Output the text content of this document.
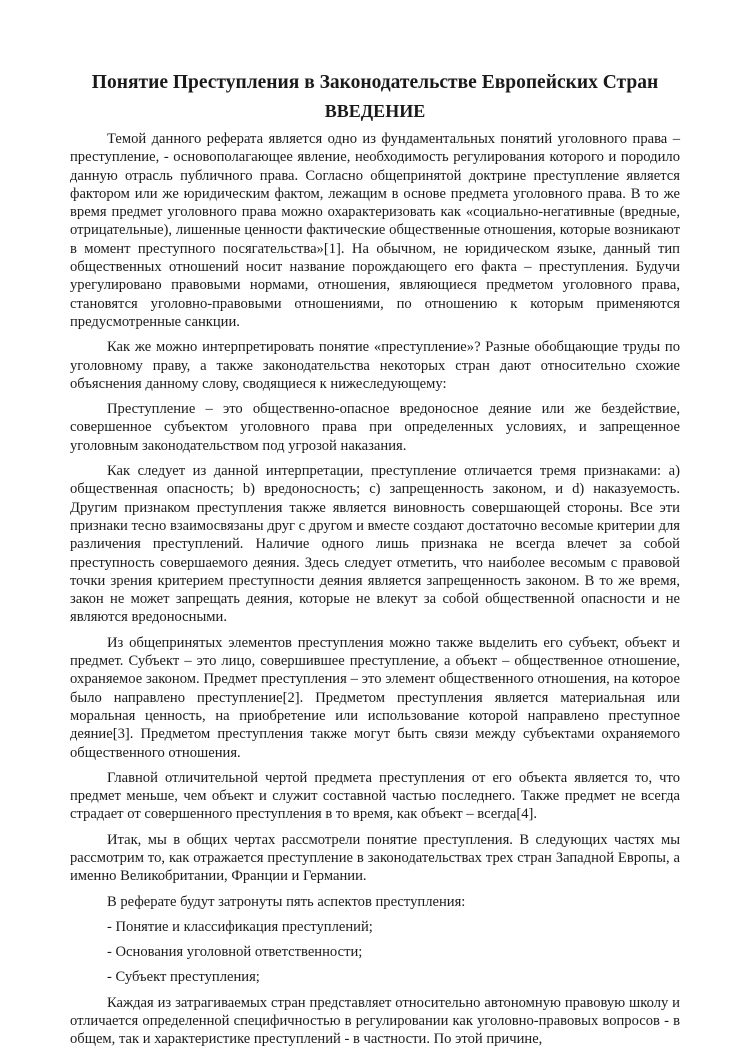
Понятие Преступления в Законодательстве Европейских Стран
ВВЕДЕНИЕ

Темой данного реферата является одно из фундаментальных понятий уголовного права – преступление, - основополагающее явление, необходимость регулирования которого и породило данную отрасль публичного права. Согласно общепринятой доктрине преступление является фактором или же юридическим фактом, лежащим в основе предмета уголовного права. В то же время предмет уголовного права можно охарактеризовать как «социально-негативные (вредные, отрицательные), лишенные ценности фактические общественные отношения, которые возникают в момент преступного посягательства»[1]. На обычном, не юридическом языке, данный тип общественных отношений носит название порождающего его факта – преступления. Будучи урегулировано правовыми нормами, отношения, являющиеся предметом уголовного права, становятся уголовно-правовыми отношениями, по отношению к которым применяются предусмотренные санкции.

Как же можно интерпретировать понятие «преступление»? Разные обобщающие труды по уголовному праву, а также законодательства некоторых стран дают относительно схожие объяснения данному слову, сводящиеся к нижеследующему:

Преступление – это общественно-опасное вредоносное деяние или же бездействие, совершенное субъектом уголовного права при определенных условиях, и запрещенное уголовным законодательством под угрозой наказания.

Как следует из данной интерпретации, преступление отличается тремя признаками: a) общественная опасность; b) вредоносность; c) запрещенность законом, и d) наказуемость. Другим признаком преступления также является виновность совершающей стороны. Все эти признаки тесно взаимосвязаны друг с другом и вместе создают достаточно весомые критерии для различения преступлений. Наличие одного лишь признака не всегда влечет за собой преступность совершаемого деяния. Здесь следует отметить, что наиболее весомым с правовой точки зрения критерием преступности деяния является запрещенность законом. В то же время, закон не может запрещать деяния, которые не влекут за собой общественной опасности и не являются вредоносными.

Из общепринятых элементов преступления можно также выделить его субъект, объект и предмет. Субъект – это лицо, совершившее преступление, а объект – общественное отношение, охраняемое законом. Предмет преступления – это элемент общественного отношения, на которое было направлено преступление[2]. Предметом преступления является материальная или моральная ценность, на приобретение или использование которой направлено преступное деяние[3]. Предметом преступления также могут быть связи между субъектами охраняемого общественного отношения.

Главной отличительной чертой предмета преступления от его объекта является то, что предмет меньше, чем объект и служит составной частью последнего. Также предмет не всегда страдает от совершенного преступления в то время, как объект – всегда[4].

Итак, мы в общих чертах рассмотрели понятие преступления. В следующих частях мы рассмотрим то, как отражается преступление в законодательствах трех стран Западной Европы, а именно Великобритании, Франции и Германии.

В реферате будут затронуты пять аспектов преступления:

- Понятие и классификация преступлений;

- Основания уголовной ответственности;

- Субъект преступления;

Каждая из затрагиваемых стран представляет относительно автономную правовую школу и отличается определенной специфичностью в регулировании как уголовно-правовых вопросов - в общем, так и характеристике преступлений - в частности. По этой причине,
